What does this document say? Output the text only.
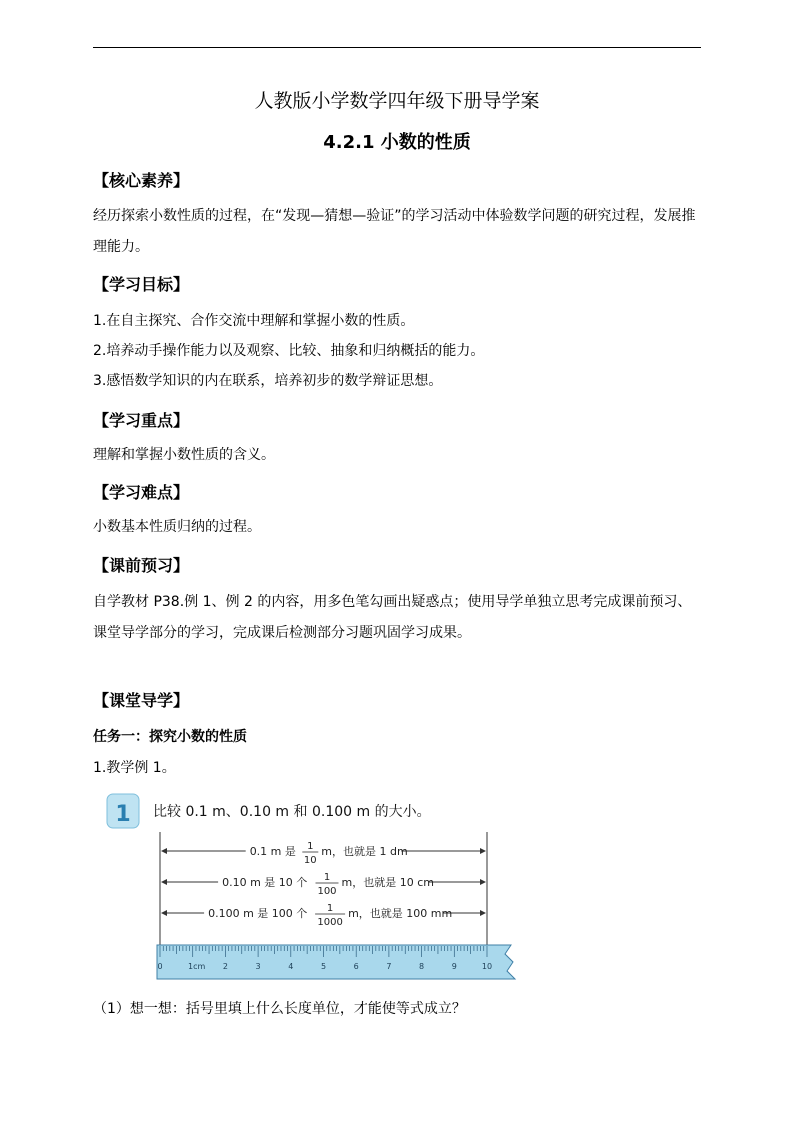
人教版小学数学四年级下册导学案
4.2.1 小数的性质
【核心素养】
经历探索小数性质的过程，在“发现—猜想—验证”的学习活动中体验数学问题的研究过程，发展推理能力。
【学习目标】
1.在自主探究、合作交流中理解和掌握小数的性质。
2.培养动手操作能力以及观察、比较、抽象和归纳概括的能力。
3.感悟数学知识的内在联系，培养初步的数学辩证思想。
【学习重点】
理解和掌握小数性质的含义。
【学习难点】
小数基本性质归纳的过程。
【课前预习】
自学教材 P38.例 1、例 2 的内容，用多色笔勾画出疑惑点；使用导学单独立思考完成课前预习、课堂导学部分的学习，完成课后检测部分习题巩固学习成果。
【课堂导学】
任务一：探究小数的性质
1.教学例 1。
1 比较 0.1 m、0.10 m 和 0.100 m 的大小。
0.1 m 是 1
10
m，也就是 1 dm
0.10 m 是 10 个 1
100
m，也就是 10 cm
0.100 m 是 100 个 1
1000
m，也就是 100 mm
0	1cm 2	3	4	5	6	7	8	9	10
（1）想一想：括号里填上什么长度单位，才能使等式成立？
